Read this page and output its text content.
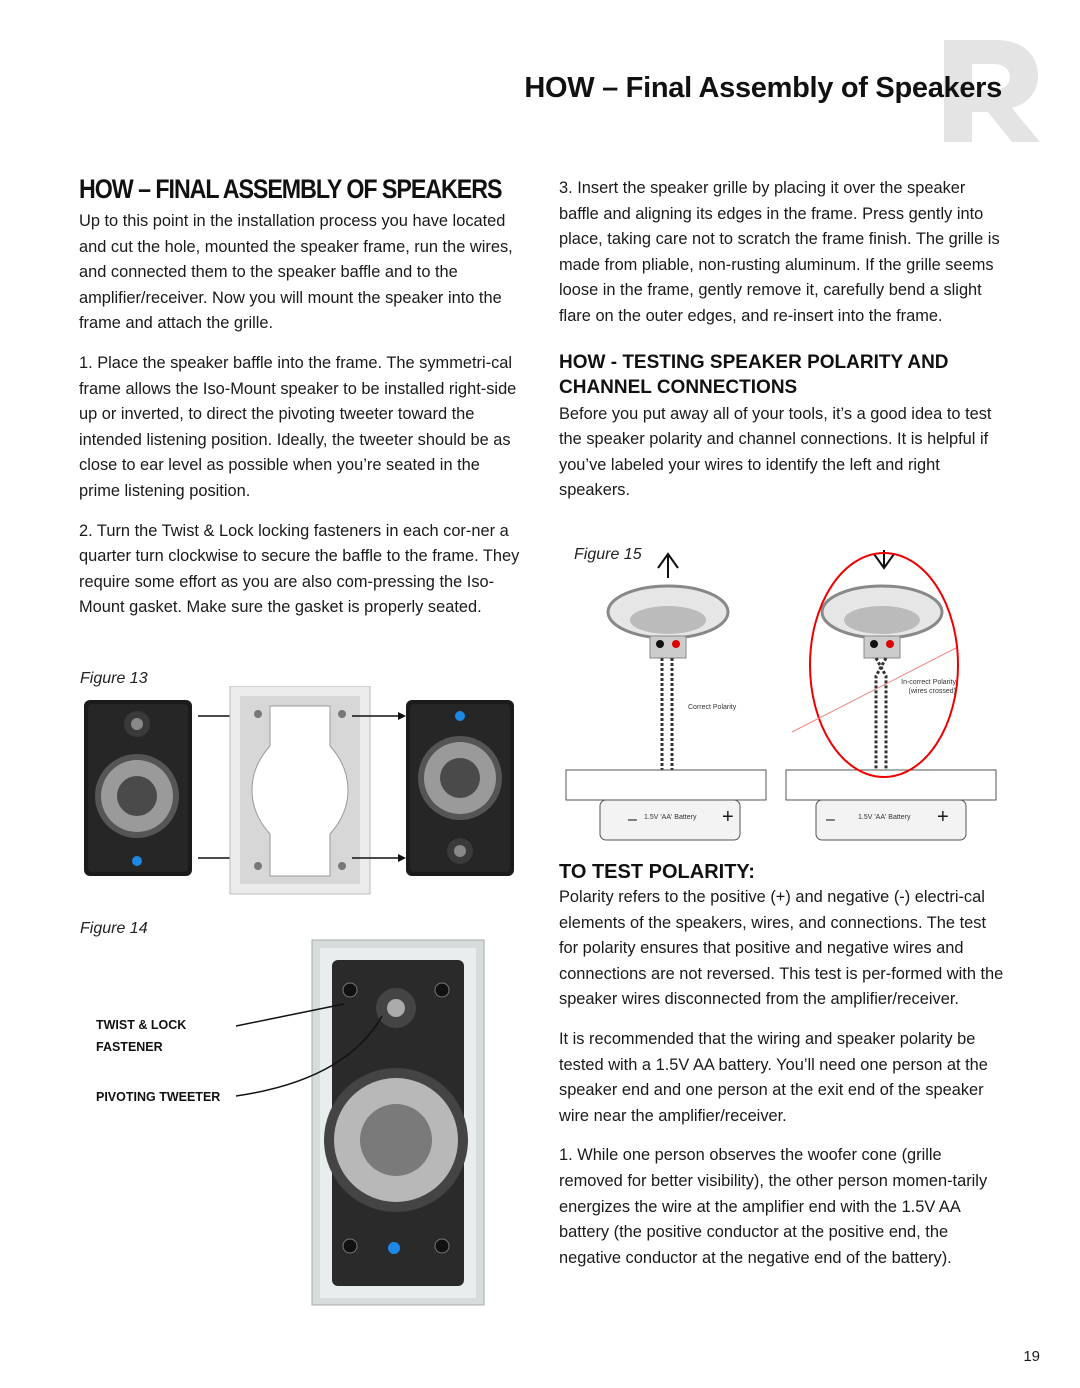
HOW – Final Assembly of Speakers
HOW – FINAL ASSEMBLY OF SPEAKERS

Up to this point in the installation process you have located and cut the hole, mounted the speaker frame, run the wires, and connected them to the speaker baffle and to the amplifier/receiver. Now you will mount the speaker into the frame and attach the grille.

1. Place the speaker baffle into the frame. The symmetri-cal frame allows the Iso-Mount speaker to be installed right-side up or inverted, to direct the pivoting tweeter toward the intended listening position. Ideally, the tweeter should be as close to ear level as possible when you’re seated in the prime listening position.

2. Turn the Twist & Lock locking fasteners in each cor-ner a quarter turn clockwise to secure the baffle to the frame. They require some effort as you are also com-pressing the Iso-Mount gasket. Make sure the gasket is properly seated.

Figure 13
Figure 14
TWIST & LOCK
FASTENER
PIVOTING TWEETER

3. Insert the speaker grille by placing it over the speaker baffle and aligning its edges in the frame. Press gently into place, taking care not to scratch the frame finish. The grille is made from pliable, non-rusting aluminum. If the grille seems loose in the frame, gently remove it, carefully bend a slight flare on the outer edges, and re-insert into the frame.

HOW - TESTING SPEAKER POLARITY AND CHANNEL CONNECTIONS

Before you put away all of your tools, it’s a good idea to test the speaker polarity and channel connections. It is helpful if you’ve labeled your wires to identify the left and right speakers.

Figure 15
Correct Polarity
In-correct Polarity
(wires crossed)
– 1.5V 'AA' Battery +	–	1.5V 'AA' Battery +
TO TEST POLARITY:

Polarity refers to the positive (+) and negative (-) electri-cal elements of the speakers, wires, and connections. The test for polarity ensures that positive and negative wires and connections are not reversed. This test is per-formed with the speaker wires disconnected from the amplifier/receiver.

It is recommended that the wiring and speaker polarity be tested with a 1.5V AA battery. You’ll need one person at the speaker end and one person at the exit end of the speaker wire near the amplifier/receiver.

1. While one person observes the woofer cone (grille removed for better visibility), the other person momen-tarily energizes the wire at the amplifier end with the 1.5V AA battery (the positive conductor at the positive end, the negative conductor at the negative end of the battery).

19
